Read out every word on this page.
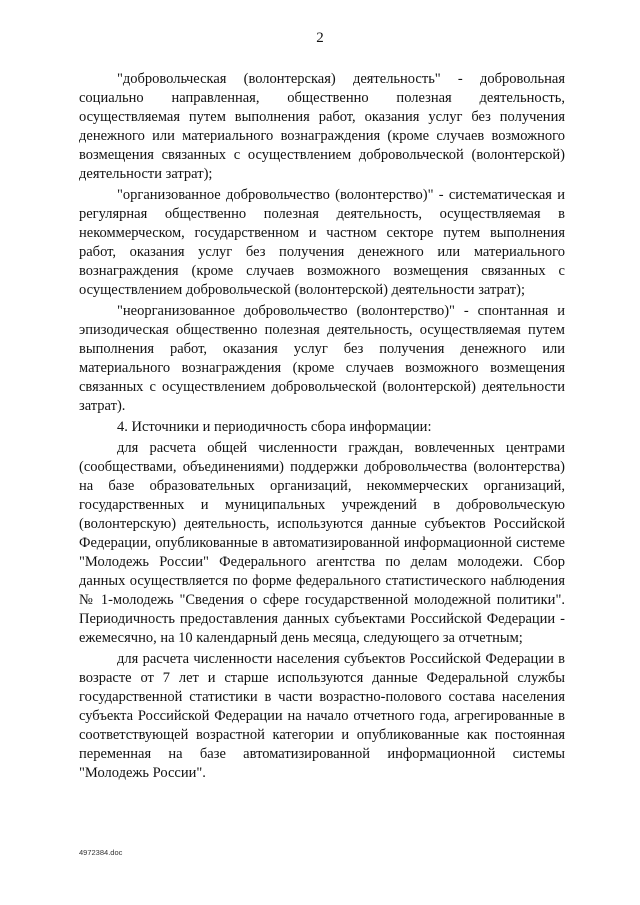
2

"добровольческая (волонтерская) деятельность" - добровольная социально направленная, общественно полезная деятельность, осуществляемая путем выполнения работ, оказания услуг без получения денежного или материального вознаграждения (кроме случаев возможного возмещения связанных с осуществлением добровольческой (волонтерской) деятельности затрат);

"организованное добровольчество (волонтерство)" - систематическая и регулярная общественно полезная деятельность, осуществляемая в некоммерческом, государственном и частном секторе путем выполнения работ, оказания услуг без получения денежного или материального вознаграждения (кроме случаев возможного возмещения связанных с осуществлением добровольческой (волонтерской) деятельности затрат);

"неорганизованное добровольчество (волонтерство)" - спонтанная и эпизодическая общественно полезная деятельность, осуществляемая путем выполнения работ, оказания услуг без получения денежного или материального вознаграждения (кроме случаев возможного возмещения связанных с осуществлением добровольческой (волонтерской) деятельности затрат).

4. Источники и периодичность сбора информации:

для расчета общей численности граждан, вовлеченных центрами (сообществами, объединениями) поддержки добровольчества (волонтерства) на базе образовательных организаций, некоммерческих организаций, государственных и муниципальных учреждений в добровольческую (волонтерскую) деятельность, используются данные субъектов Российской Федерации, опубликованные в автоматизированной информационной системе "Молодежь России" Федерального агентства по делам молодежи. Сбор данных осуществляется по форме федерального статистического наблюдения № 1-молодежь "Сведения о сфере государственной молодежной политики". Периодичность предоставления данных субъектами Российской Федерации - ежемесячно, на 10 календарный день месяца, следующего за отчетным;

для расчета численности населения субъектов Российской Федерации в возрасте от 7 лет и старше используются данные Федеральной службы государственной статистики в части возрастно-полового состава населения субъекта Российской Федерации на начало отчетного года, агрегированные в соответствующей возрастной категории и опубликованные как постоянная переменная на базе автоматизированной информационной системы "Молодежь России".

4972384.doc
